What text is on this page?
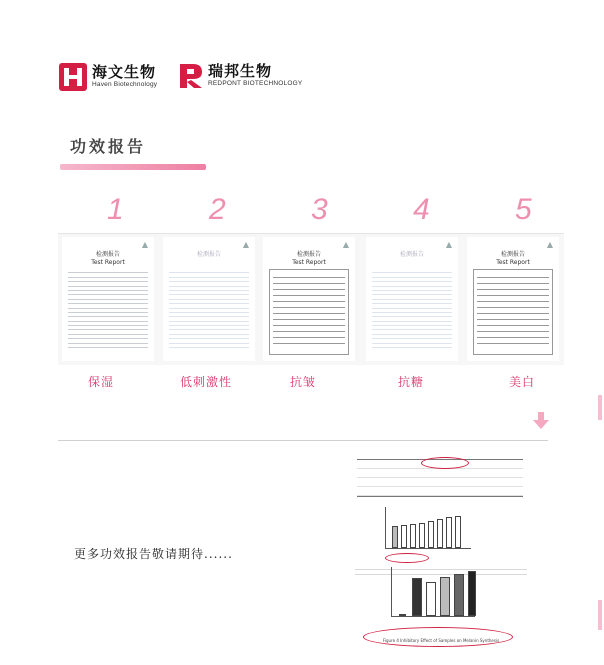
海文生物
Haven Biotechnology
瑞邦生物
REDPONT BIOTECHNOLOGY
功效报告
1	2	3	4	5
▲
检测报告
Test Report
▲
检测报告
▲
检测报告
Test Report
▲
检测报告
▲
检测报告
Test Report
保湿	低刺激性	抗皱	抗糖	美白
更多功效报告敬请期待......
Figure 4 Inhibitory Effect of Samples on Melanin Synthesis
